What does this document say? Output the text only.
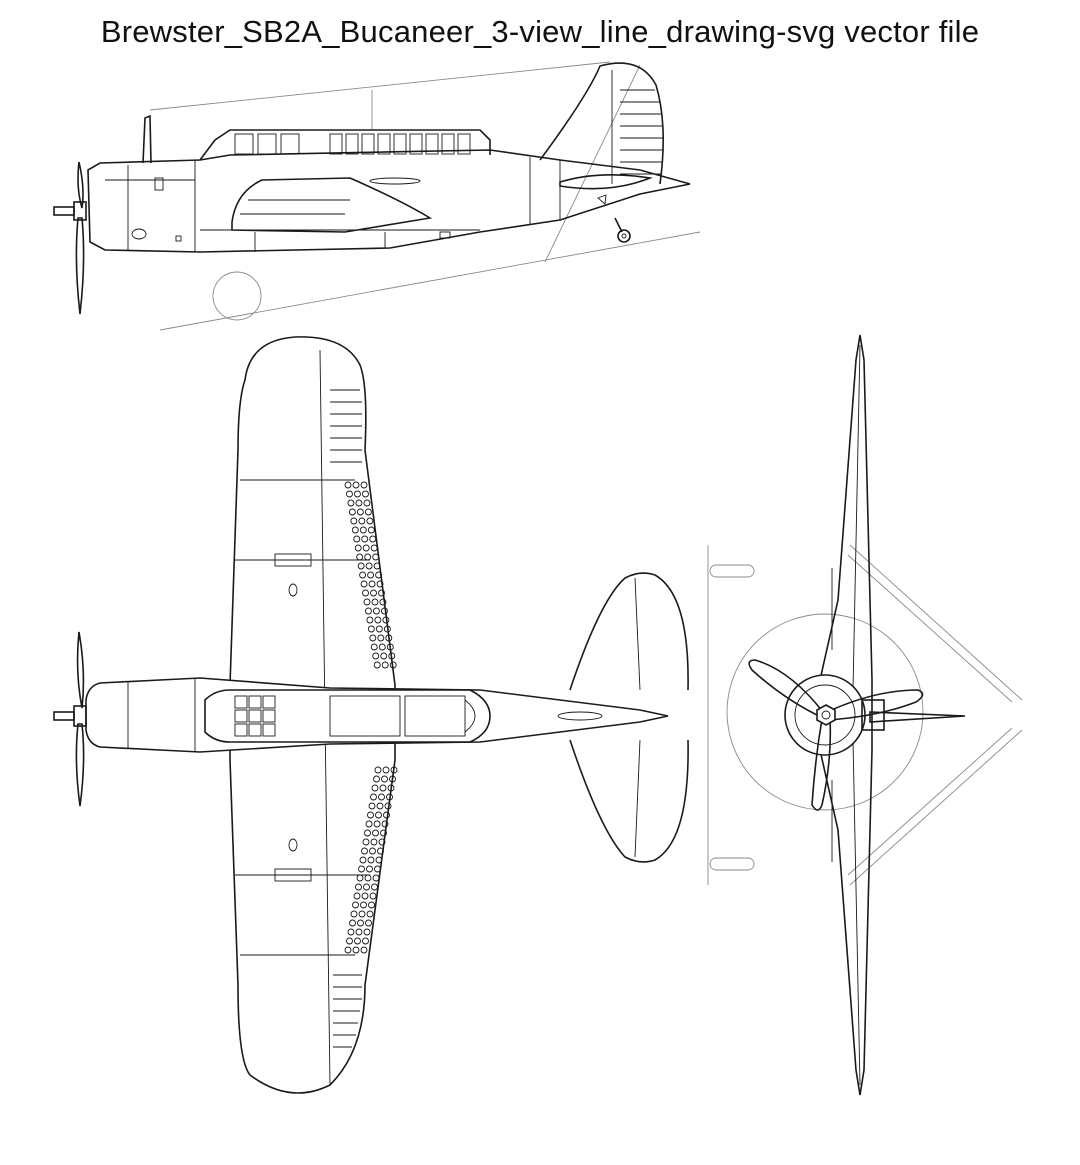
Brewster_SB2A_Bucaneer_3-view_line_drawing-svg vector file
